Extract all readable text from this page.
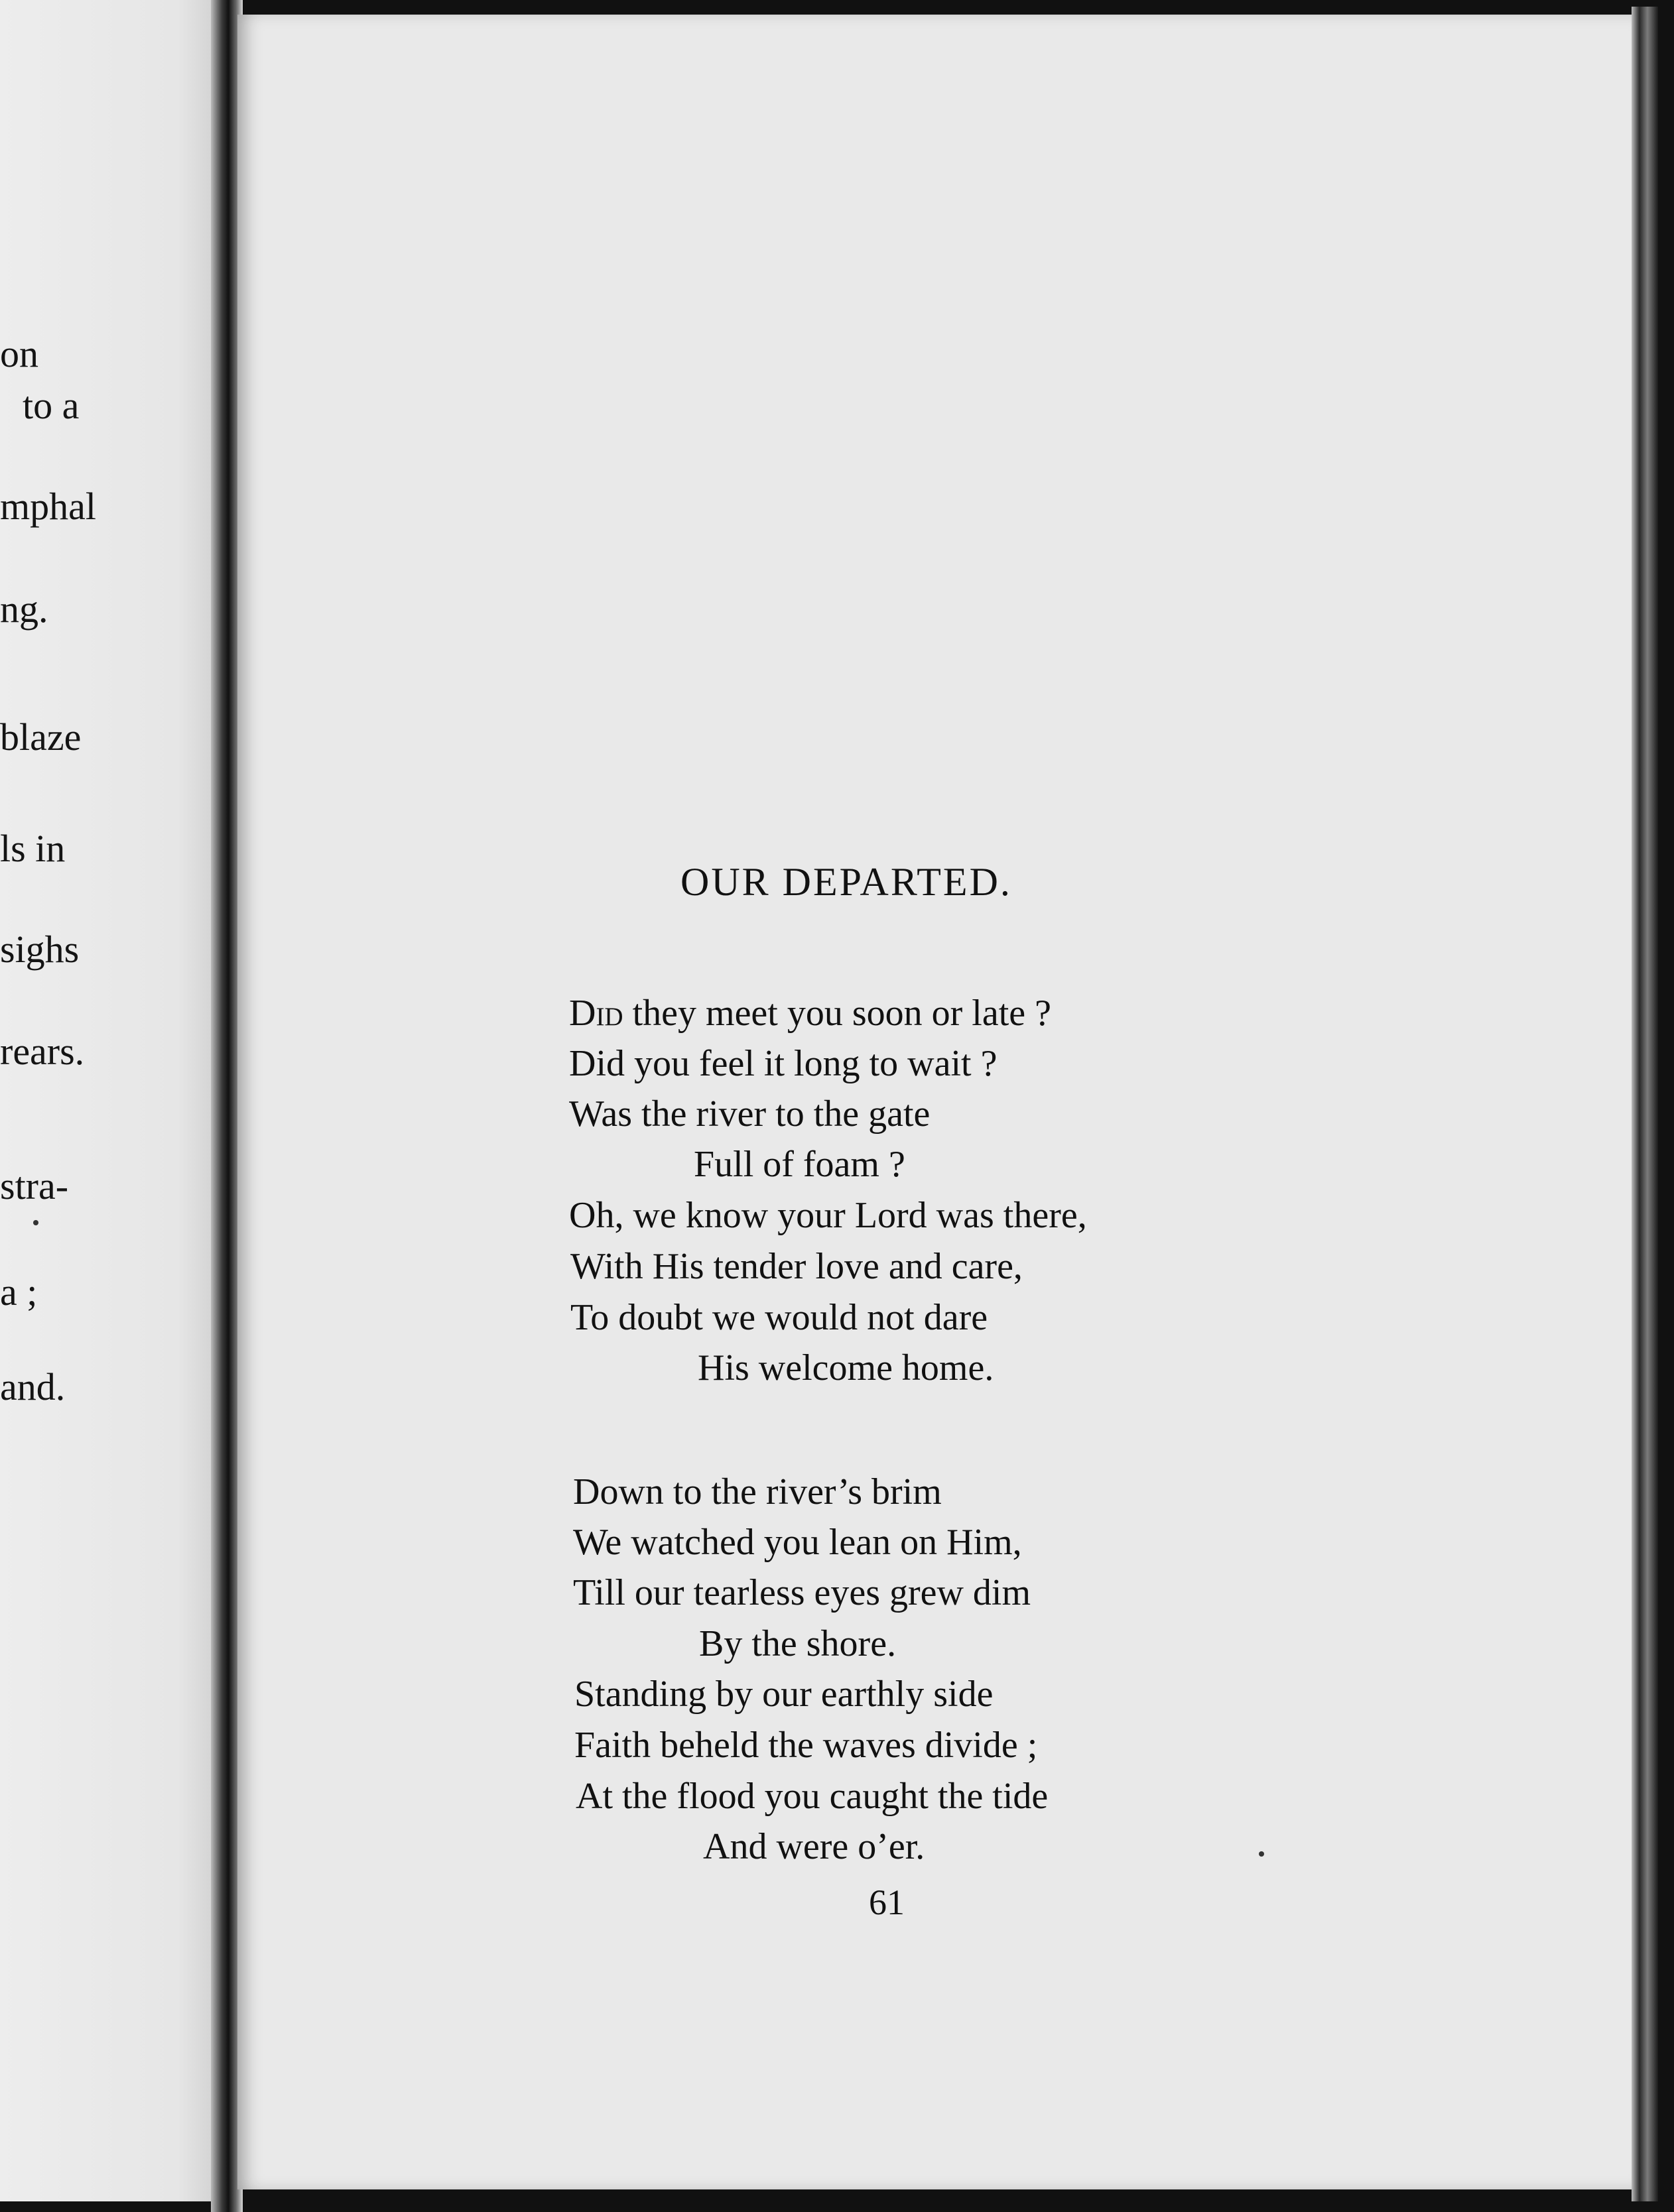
on
to a
mphal
ng.
blaze
ls in
sighs
rears.
stra-
a ;
and.
OUR DEPARTED.
Did they meet you soon or late ?
Did you feel it long to wait ?
Was the river to the gate
Full of foam ?
Oh, we know your Lord was there,
With His tender love and care,
To doubt we would not dare
His welcome home.
Down to the river’s brim
We watched you lean on Him,
Till our tearless eyes grew dim
By the shore.
Standing by our earthly side
Faith beheld the waves divide ;
At the flood you caught the tide
And were o’er.
61
